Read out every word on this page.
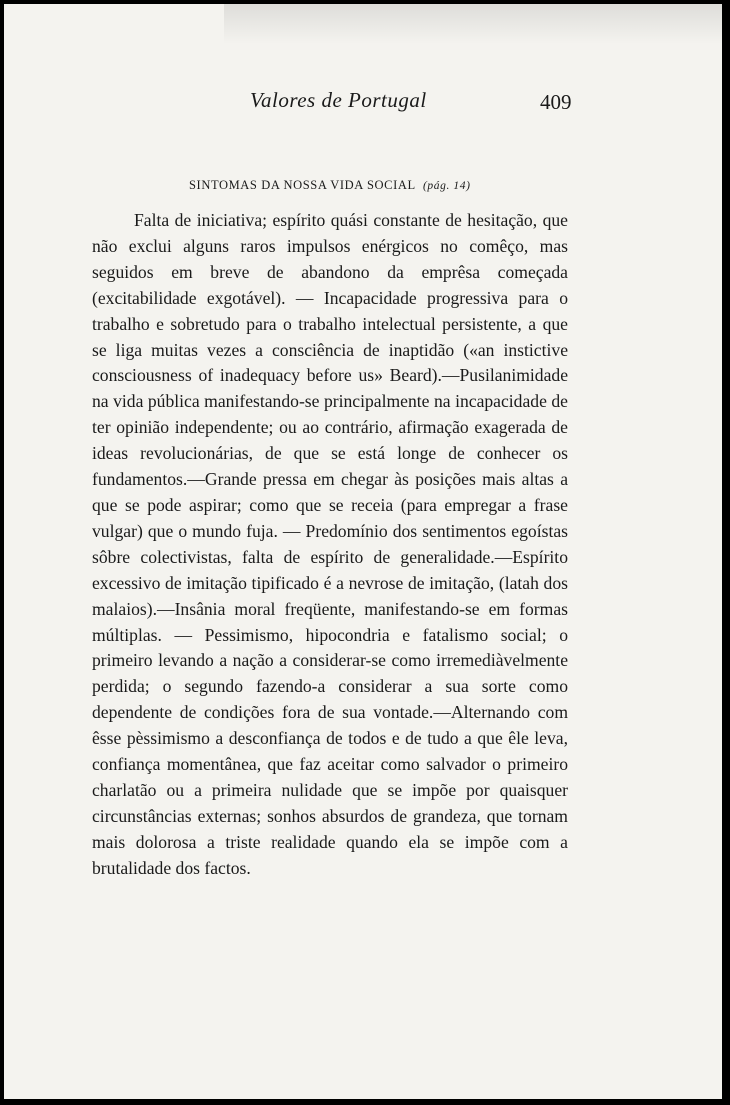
Valores de Portugal	409
SINTOMAS DA NOSSA VIDA SOCIAL (pág. 14)

Falta de iniciativa; espírito quási constante de hesitação, que não exclui alguns raros impulsos enérgicos no comêço, mas seguidos em breve de abandono da emprêsa começada (excitabilidade exgotável). — Incapacidade progressiva para o trabalho e sobretudo para o trabalho intelectual persistente, a que se liga muitas vezes a consciência de inaptidão («an instictive consciousness of inadequacy before us» Beard).—Pusilanimidade na vida pública manifestando-se principalmente na incapacidade de ter opinião independente; ou ao contrário, afirmação exagerada de ideas revolucionárias, de que se está longe de conhecer os fundamentos.—Grande pressa em chegar às posições mais altas a que se pode aspirar; como que se receia (para empregar a frase vulgar) que o mundo fuja. — Predomínio dos sentimentos egoístas sôbre colectivistas, falta de espírito de generalidade.—Espírito excessivo de imitação tipificado é a nevrose de imitação, (latah dos malaios).—Insânia moral freqüente, manifestando-se em formas múltiplas. — Pessimismo, hipocondria e fatalismo social; o primeiro levando a nação a considerar-se como irremediàvelmente perdida; o segundo fazendo-a considerar a sua sorte como dependente de condições fora de sua vontade.—Alternando com êsse pèssimismo a desconfiança de todos e de tudo a que êle leva, confiança momentânea, que faz aceitar como salvador o primeiro charlatão ou a primeira nulidade que se impõe por quaisquer circunstâncias externas; sonhos absurdos de grandeza, que tornam mais dolorosa a triste realidade quando ela se impõe com a brutalidade dos factos.
